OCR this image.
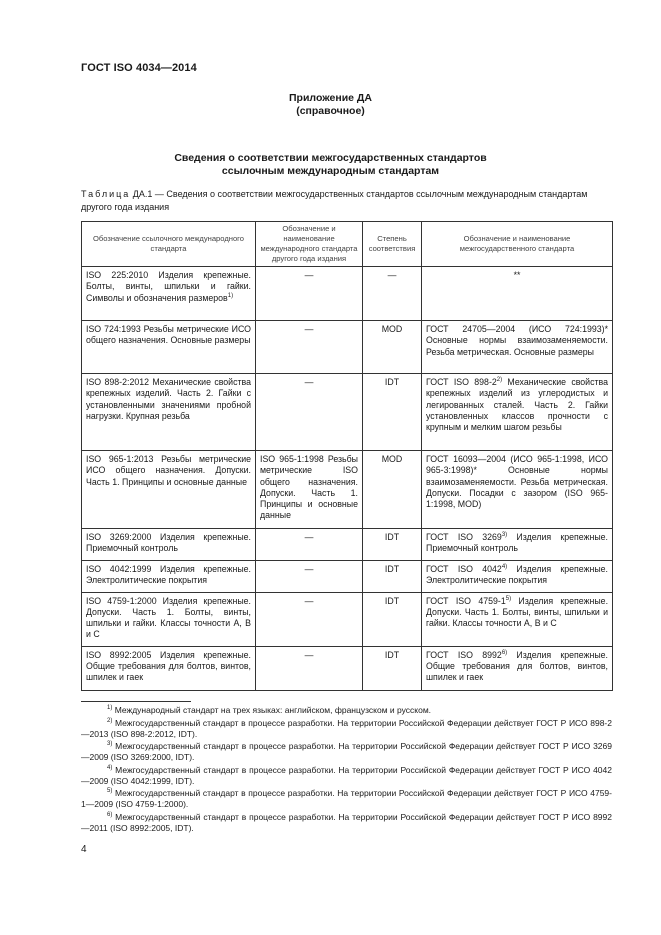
ГОСТ ISO 4034—2014
Приложение ДА
(справочное)
Сведения о соответствии межгосударственных стандартов
ссылочным международным стандартам
Таблица ДА.1 — Сведения о соответствии межгосударственных стандартов ссылочным международным стандартам другого года издания
Обозначение ссылочного международного стандарта	Обозначение и наименование международного стандарта другого года издания	Степень соответствия	Обозначение и наименование межгосударственного стандарта
ISO 225:2010 Изделия крепежные. Болты, винты, шпильки и гайки. Символы и обозначения размеров$^{1)}$	—	—	**
ISO 724:1993 Резьбы метрические ИСО общего назначения. Основные размеры	—	MOD	ГОСТ 24705—2004 (ИСО 724:1993)* Основные нормы взаимозаменяемости. Резьба метрическая. Основные размеры
ISO 898-2:2012 Механические свойства крепежных изделий. Часть 2. Гайки с установленными значениями пробной нагрузки. Крупная резьба	—	IDT	ГОСТ ISO 898-2$^{2)}$ Механические свойства крепежных изделий из углеродистых и легированных сталей. Часть 2. Гайки установленных классов прочности с крупным и мелким шагом резьбы
ISO 965-1:2013 Резьбы метрические ИСО общего назначения. Допуски. Часть 1. Принципы и основные данные	ISO 965-1:1998 Резьбы метрические ISO общего назначения. Допуски. Часть 1. Принципы и основные данные	MOD	ГОСТ 16093—2004 (ИСО 965-1:1998, ИСО 965-3:1998)* Основные нормы взаимозаменяемости. Резьба метрическая. Допуски. Посадки с зазором (ISO 965-1:1998, MOD)
ISO 3269:2000 Изделия крепежные. Приемочный контроль	—	IDT	ГОСТ ISO 3269$^{3)}$ Изделия крепежные. Приемочный контроль
ISO 4042:1999 Изделия крепежные. Электролитические покрытия	—	IDT	ГОСТ ISO 4042$^{4)}$ Изделия крепежные. Электролитические покрытия
ISO 4759-1:2000 Изделия крепежные. Допуски. Часть 1. Болты, винты, шпильки и гайки. Классы точности А, В и С	—	IDT	ГОСТ ISO 4759-1$^{5)}$ Изделия крепежные. Допуски. Часть 1. Болты, винты, шпильки и гайки. Классы точности А, В и С
ISO 8992:2005 Изделия крепежные. Общие требования для болтов, винтов, шпилек и гаек	—	IDT	ГОСТ ISO 8992$^{6)}$ Изделия крепежные. Общие требования для болтов, винтов, шпилек и гаек

$^{1)}$ Международный стандарт на трех языках: английском, французском и русском.

$^{2)}$ Межгосударственный стандарт в процессе разработки. На территории Российской Федерации действует ГОСТ Р ИСО 898-2—2013 (ISO 898-2:2012, IDT).

$^{3)}$ Межгосударственный стандарт в процессе разработки. На территории Российской Федерации действует ГОСТ Р ИСО 3269—2009 (ISO 3269:2000, IDT).

$^{4)}$ Межгосударственный стандарт в процессе разработки. На территории Российской Федерации действует ГОСТ Р ИСО 4042—2009 (ISO 4042:1999, IDT).

$^{5)}$ Межгосударственный стандарт в процессе разработки. На территории Российской Федерации действует ГОСТ Р ИСО 4759-1—2009 (ISO 4759-1:2000).

$^{6)}$ Межгосударственный стандарт в процессе разработки. На территории Российской Федерации действует ГОСТ Р ИСО 8992—2011 (ISO 8992:2005, IDT).

4
